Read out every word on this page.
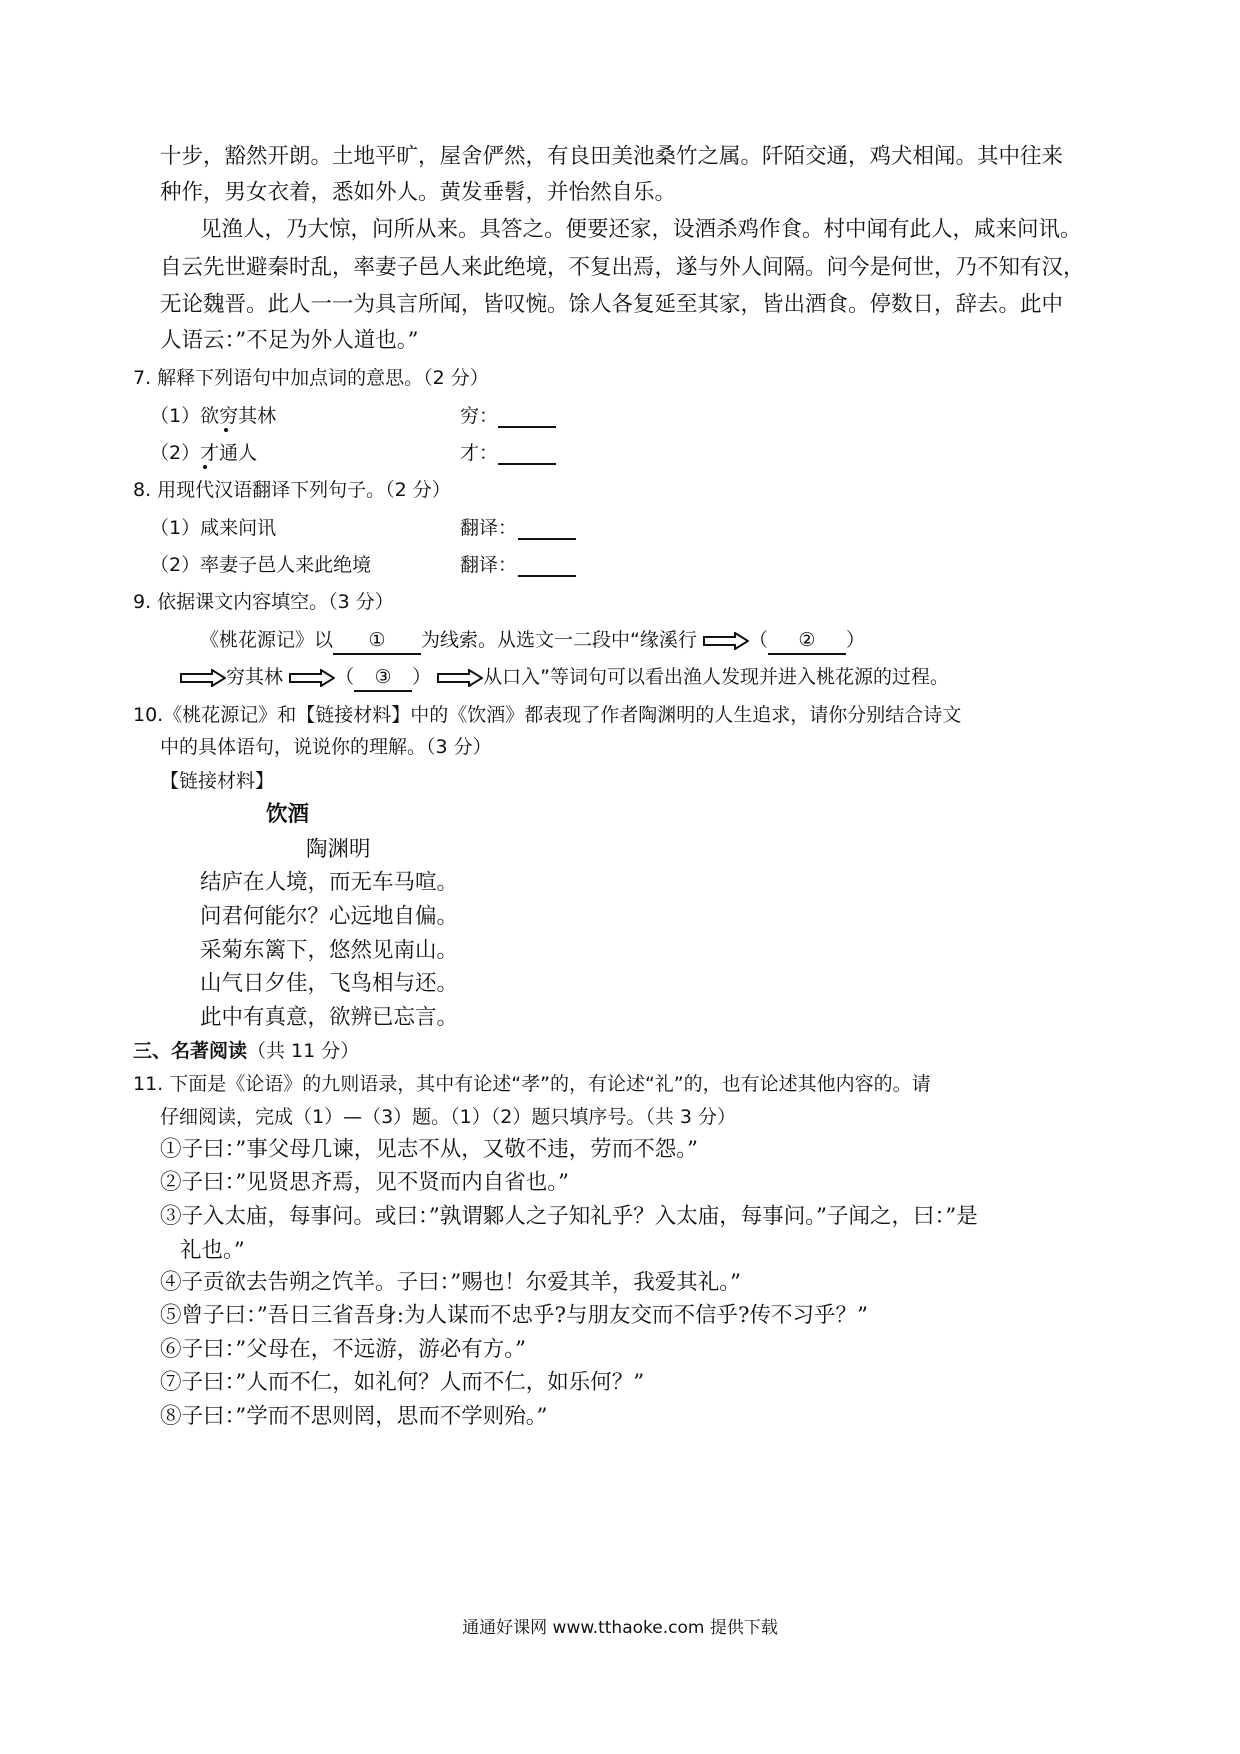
十步，豁然开朗。土地平旷，屋舍俨然，有良田美池桑竹之属。阡陌交通，鸡犬相闻。其中往来
种作，男女衣着，悉如外人。黄发垂髫，并怡然自乐。
见渔人，乃大惊，问所从来。具答之。便要还家，设酒杀鸡作食。村中闻有此人，咸来问讯。
自云先世避秦时乱，率妻子邑人来此绝境，不复出焉，遂与外人间隔。问今是何世，乃不知有汉，
无论魏晋。此人一一为具言所闻，皆叹惋。馀人各复延至其家，皆出酒食。停数日，辞去。此中
人语云：”不足为外人道也。”
7. 解释下列语句中加点词的意思。（2 分）
（1）欲穷其林	穷：
（2）才通人	才：
8. 用现代汉语翻译下列句子。（2 分）
（1）咸来问讯	翻译：
（2）率妻子邑人来此绝境	翻译：
9. 依据课文内容填空。（3 分）
《桃花源记》以 ① 为线索。从选文一二段中“缘溪行	（ ② ）
穷其林	（ ③ ）	从口入”等词句可以看出渔人发现并进入桃花源的过程。
10.《桃花源记》和【链接材料】中的《饮酒》都表现了作者陶渊明的人生追求，请你分别结合诗文
中的具体语句，说说你的理解。（3 分）
【链接材料】
饮酒
陶渊明
结庐在人境，而无车马喧。
问君何能尔？心远地自偏。
采菊东篱下，悠然见南山。
山气日夕佳，飞鸟相与还。
此中有真意，欲辨已忘言。
三、名著阅读（共 11 分）
11. 下面是《论语》的九则语录，其中有论述“孝”的，有论述“礼”的，也有论述其他内容的。请
仔细阅读，完成（1）—（3）题。（1）（2）题只填序号。（共 3 分）
①子曰：”事父母几谏，见志不从，又敬不违，劳而不怨。”
②子曰：”见贤思齐焉，见不贤而内自省也。”
③子入太庙，每事问。或曰：”孰谓鄹人之子知礼乎？入太庙，每事问。”子闻之，曰：”是
礼也。”
④子贡欲去告朔之饩羊。子曰：”赐也！尔爱其羊，我爱其礼。”
⑤曾子曰：”吾日三省吾身:为人谋而不忠乎?与朋友交而不信乎?传不习乎？”
⑥子曰：”父母在，不远游，游必有方。”
⑦子曰：”人而不仁，如礼何？人而不仁，如乐何？”
⑧子曰：”学而不思则罔，思而不学则殆。”
通通好课网 www.tthaoke.com 提供下载
